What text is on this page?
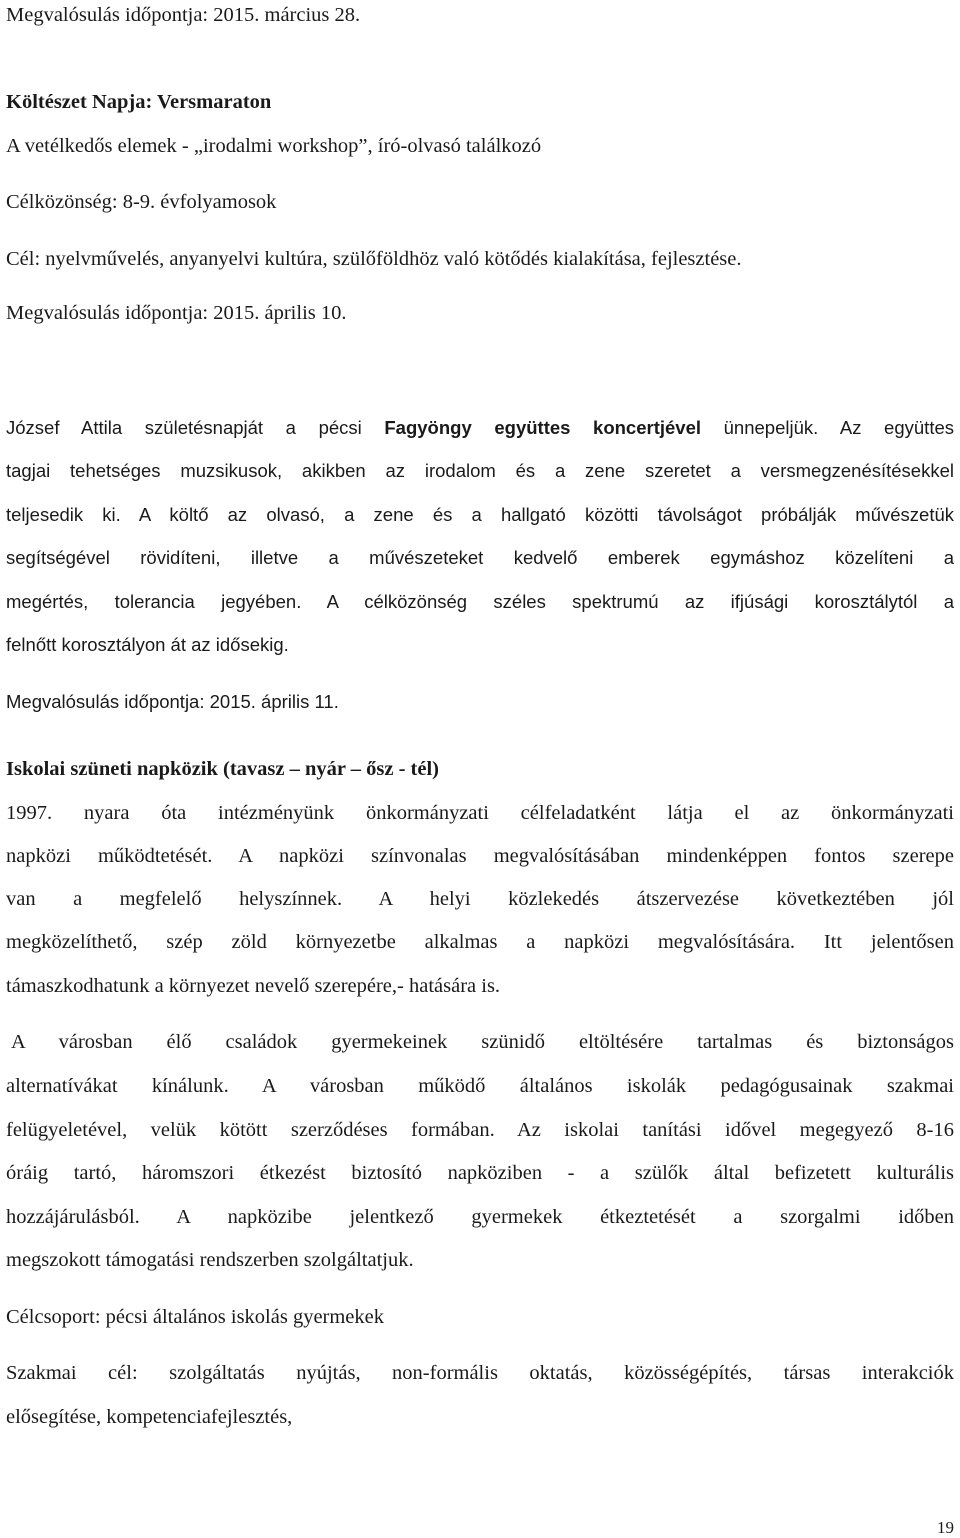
Megvalósulás időpontja: 2015. március 28.

Költészet Napja: Versmaraton

A vetélkedős elemek - „irodalmi workshop”, író-olvasó találkozó

Célközönség: 8-9. évfolyamosok

Cél: nyelvművelés, anyanyelvi kultúra, szülőföldhöz való kötődés kialakítása, fejlesztése.

Megvalósulás időpontja: 2015. április 10.

József Attila születésnapját a pécsi Fagyöngy együttes koncertjével ünnepeljük. Az együttes

tagjai tehetséges muzsikusok, akikben az irodalom és a zene szeretet a versmegzenésítésekkel

teljesedik ki. A költő az olvasó, a zene és a hallgató közötti távolságot próbálják művészetük

segítségével rövidíteni, illetve a művészeteket kedvelő emberek egymáshoz közelíteni a

megértés, tolerancia jegyében. A célközönség széles spektrumú az ifjúsági korosztálytól a

felnőtt korosztályon át az idősekig.

Megvalósulás időpontja: 2015. április 11.

Iskolai szüneti napközik (tavasz – nyár – ősz - tél)

1997. nyara óta intézményünk önkormányzati célfeladatként látja el az önkormányzati

napközi működtetését. A napközi színvonalas megvalósításában mindenképpen fontos szerepe

van a megfelelő helyszínnek. A helyi közlekedés átszervezése következtében jól

megközelíthető, szép zöld környezetbe alkalmas a napközi megvalósítására. Itt jelentősen

támaszkodhatunk a környezet nevelő szerepére,- hatására is.

A városban élő családok gyermekeinek szünidő eltöltésére tartalmas és biztonságos

alternatívákat kínálunk. A városban működő általános iskolák pedagógusainak szakmai

felügyeletével, velük kötött szerződéses formában. Az iskolai tanítási idővel megegyező 8-16

óráig tartó, háromszori étkezést biztosító napköziben - a szülők által befizetett kulturális

hozzájárulásból. A napközibe jelentkező gyermekek étkeztetését a szorgalmi időben

megszokott támogatási rendszerben szolgáltatjuk.

Célcsoport: pécsi általános iskolás gyermekek

Szakmai cél: szolgáltatás nyújtás, non-formális oktatás, közösségépítés, társas interakciók

elősegítése, kompetenciafejlesztés,

19
